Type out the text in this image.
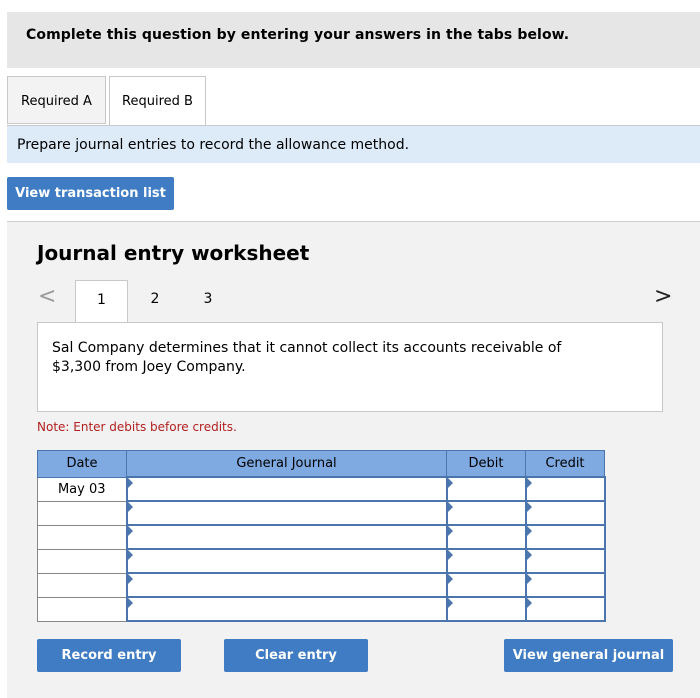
Complete this question by entering your answers in the tabs below.
Required A	Required B
Prepare journal entries to record the allowance method.
View transaction list
Journal entry worksheet
<	1	2	3	>
Sal Company determines that it cannot collect its accounts receivable of $3,300 from Joey Company.
Note: Enter debits before credits.
Date	General Journal	Debit	Credit
May 03			

Record entry	Clear entry	View general journal
